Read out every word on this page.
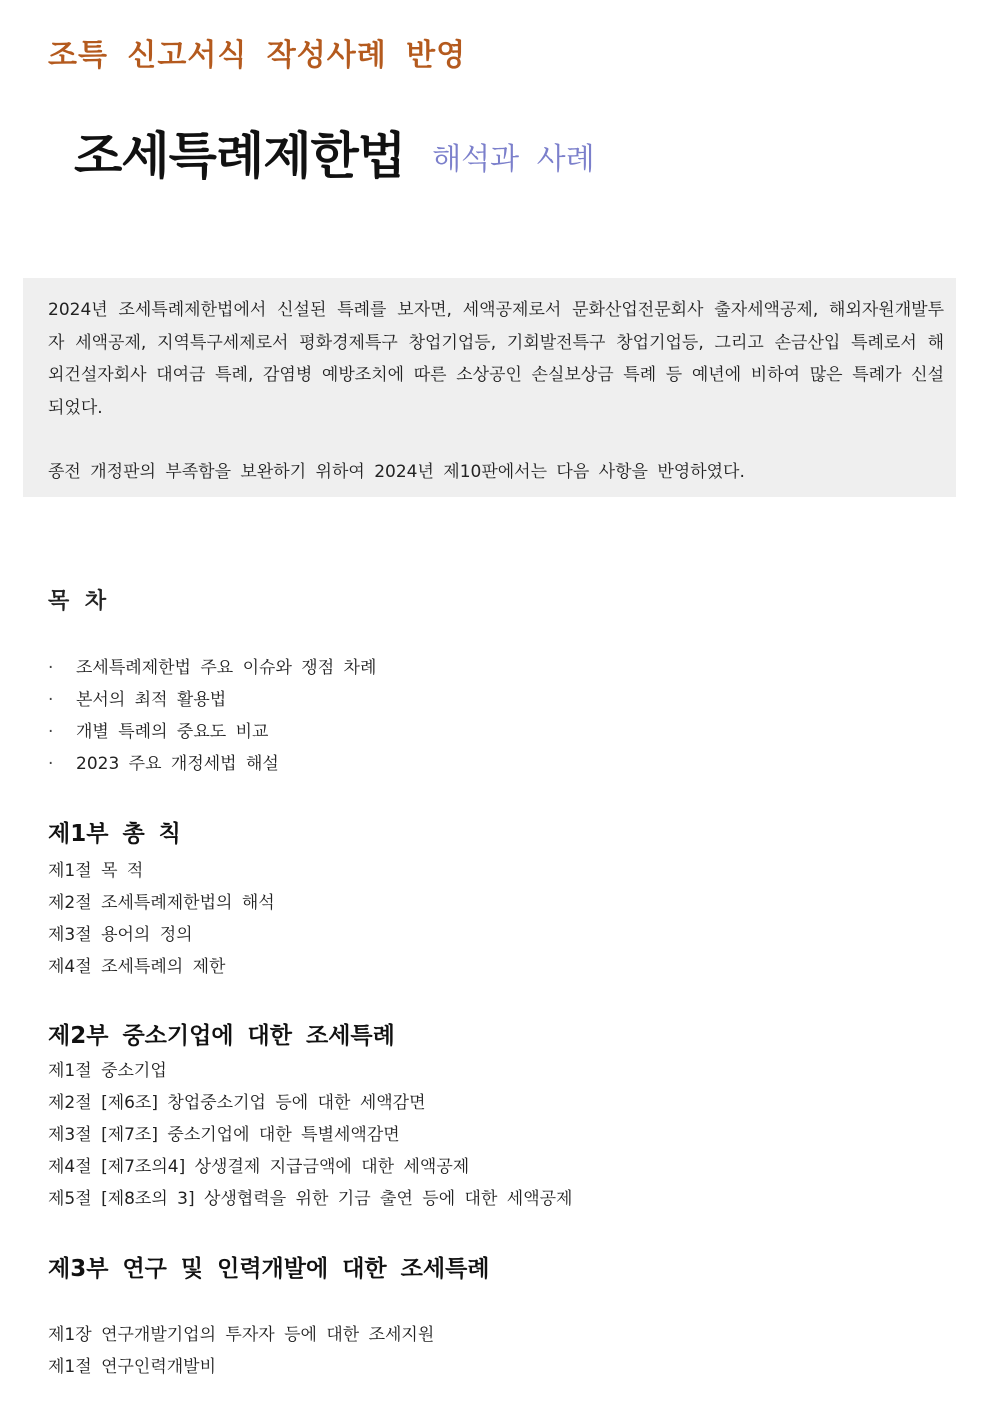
조특 신고서식 작성사례 반영
조세특례제한법 해석과 사례

2024년 조세특례제한법에서 신설된 특례를 보자면, 세액공제로서 문화산업전문회사 출자세액공제, 해외자원개발투자 세액공제, 지역특구세제로서 평화경제특구 창업기업등, 기회발전특구 창업기업등, 그리고 손금산입 특례로서 해외건설자회사 대여금 특례, 감염병 예방조치에 따른 소상공인 손실보상금 특례 등 예년에 비하여 많은 특례가 신설되었다.

종전 개정판의 부족함을 보완하기 위하여 2024년 제10판에서는 다음 사항을 반영하였다.

목 차
· 조세특례제한법 주요 이슈와 쟁점 차례
· 본서의 최적 활용법
· 개별 특례의 중요도 비교
· 2023 주요 개정세법 해설
제1부 총 칙
제1절 목 적
제2절 조세특례제한법의 해석
제3절 용어의 정의
제4절 조세특례의 제한
제2부 중소기업에 대한 조세특례
제1절 중소기업
제2절 [제6조] 창업중소기업 등에 대한 세액감면
제3절 [제7조] 중소기업에 대한 특별세액감면
제4절 [제7조의4] 상생결제 지급금액에 대한 세액공제
제5절 [제8조의 3] 상생협력을 위한 기금 출연 등에 대한 세액공제
제3부 연구 및 인력개발에 대한 조세특례
제1장 연구개발기업의 투자자 등에 대한 조세지원
제1절 연구인력개발비
